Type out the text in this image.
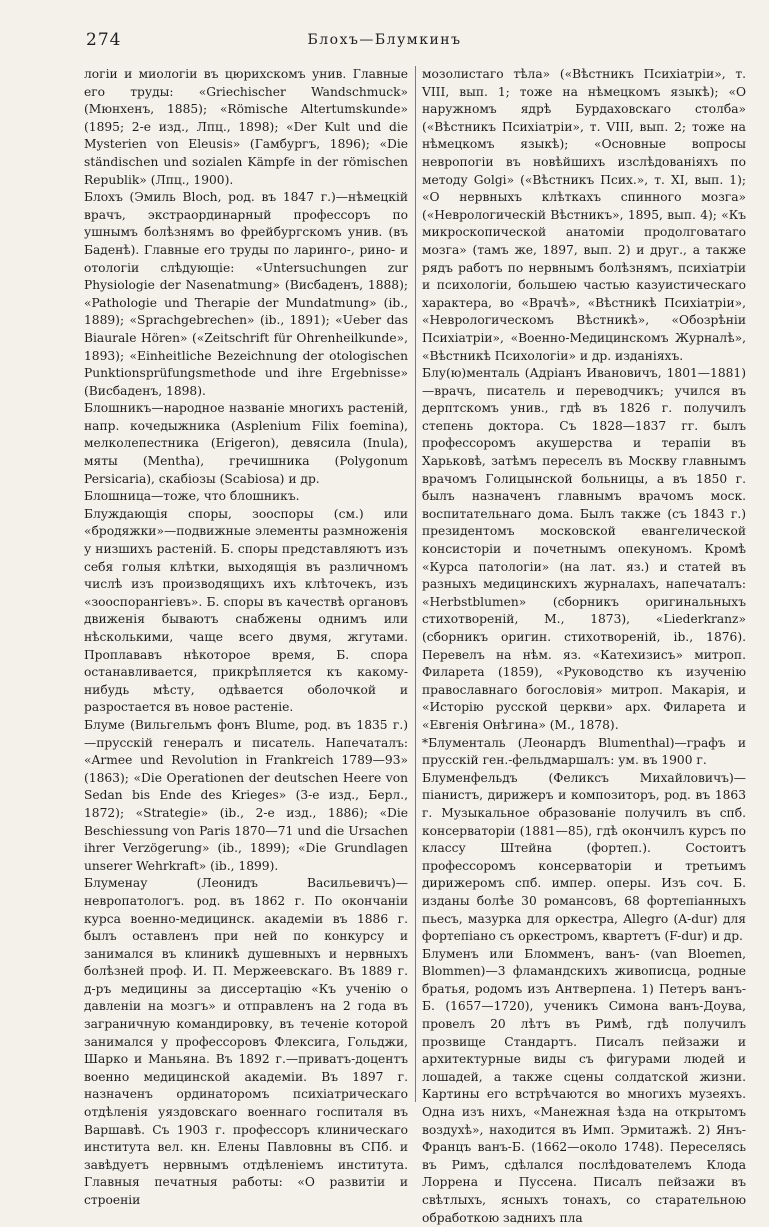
274	Блохъ—Блумкинъ
логіи и миологіи въ цюрихскомъ унив. Главные его труды: «Griechischer Wandschmuck» (Мюнхенъ, 1885); «Römische Altertumskunde» (1895; 2-е изд., Лпц., 1898); «Der Kult und die Mysterien von Eleusis» (Гамбургъ, 1896); «Die ständischen und sozialen Kämpfe in der römischen Republik» (Лпц., 1900).
Блохъ (Эмиль Bloch, род. въ 1847 г.)—нѣмецкій врачъ, экстраординарный профессоръ по ушнымъ болѣзнямъ во фрейбургскомъ унив. (въ Баденѣ). Главные его труды по ларинго-, рино- и отологіи слѣдующіе: «Untersuchungen zur Physiologie der Nasenatmung» (Висбаденъ, 1888); «Pathologie und Therapie der Mundatmung» (ib., 1889); «Sprachgebrechen» (ib., 1891); «Ueber das Biaurale Hören» («Zeitschrift für Ohrenheilkunde», 1893); «Einheitliche Bezeichnung der otologischen Punktionsprüfungsmethode und ihre Ergebnisse» (Висбаденъ, 1898).
Блошникъ—народное названіе многихъ растеній, напр. кочедыжника (Asplenium Filix foemina), мелколепестника (Erigeron), девясила (Inula), мяты (Mentha), гречишника (Polygonum Persicaria), скабіозы (Scabiosa) и др.
Блошница—тоже, что блошникъ.
Блуждающія споры, зооспоры (см.) или «бродяжки»—подвижные элементы размноженія у низшихъ растеній. Б. споры представляютъ изъ себя голыя клѣтки, выходящія въ различномъ числѣ изъ производящихъ ихъ клѣточекъ, изъ «зооспорангіевъ». Б. споры въ качествѣ органовъ движенія бываютъ снабжены однимъ или нѣсколькими, чаще всего двумя, жгутами. Проплававъ нѣкоторое время, Б. спора останавливается, прикрѣпляется къ какому-нибудь мѣсту, одѣвается оболочкой и разростается въ новое растеніе.
Блуме (Вильгельмъ фонъ Blume, род. въ 1835 г.)—прусскій генералъ и писатель. Напечаталъ: «Armee und Revolution in Frankreich 1789—93» (1863); «Die Operationen der deutschen Heere von Sedan bis Ende des Krieges» (3-е изд., Берл., 1872); «Strategie» (ib., 2-е изд., 1886); «Die Beschiessung von Paris 1870—71 und die Ursachen ihrer Verzögerung» (ib., 1899); «Die Grundlagen unserer Wehrkraft» (ib., 1899).
Блуменау (Леонидъ Васильевичъ)—невропатологъ. род. въ 1862 г. По окончаніи курса военно-медицинск. академіи въ 1886 г. былъ оставленъ при ней по конкурсу и занимался въ клиникѣ душевныхъ и нервныхъ болѣзней проф. И. П. Мержеевскаго. Въ 1889 г. д-ръ медицины за диссертацію «Къ ученію о давленіи на мозгъ» и отправленъ на 2 года въ заграничную командировку, въ теченіе которой занимался у профессоровъ Флексига, Гольджи, Шарко и Маньяна. Въ 1892 г.—приватъ-доцентъ военно медицинской академіи. Въ 1897 г. назначенъ ординаторомъ психіатрическаго отдѣленія уяздовскаго военнаго госпиталя въ Варшавѣ. Съ 1903 г. профессоръ клиническаго института вел. кн. Елены Павловны въ СПб. и завѣдуетъ нервнымъ отдѣленіемъ института. Главныя печатныя работы: «О развитіи и строеніи
мозолистаго тѣла» («Вѣстникъ Психіатріи», т. VIII, вып. 1; тоже на нѣмецкомъ языкѣ); «О наружномъ ядрѣ Бурдаховскаго столба» («Вѣстникъ Психіатріи», т. VIII, вып. 2; тоже на нѣмецкомъ языкѣ); «Основные вопросы невропогіи въ новѣйшихъ изслѣдованіяхъ по методу Golgi» («Вѣстникъ Псих.», т. XI, вып. 1); «О нервныхъ клѣткахъ спинного мозга» («Неврологическій Вѣстникъ», 1895, вып. 4); «Къ микроскопической анатоміи продолговатаго мозга» (тамъ же, 1897, вып. 2) и друг., а также рядъ работъ по нервнымъ болѣзнямъ, психіатріи и психологіи, большею частью казуистическаго характера, во «Врачѣ», «Вѣстникѣ Психіатріи», «Неврологическомъ Вѣстникѣ», «Обозрѣніи Психіатріи», «Военно-Медицинскомъ Журналѣ», «Вѣстникѣ Психологіи» и др. изданіяхъ.
Блу(ю)менталь (Адріанъ Ивановичъ, 1801—1881)—врачъ, писатель и переводчикъ; учился въ дерптскомъ унив., гдѣ въ 1826 г. получилъ степень доктора. Съ 1828—1837 гг. былъ профессоромъ акушерства и терапіи въ Харьковѣ, затѣмъ переселъ въ Москву главнымъ врачомъ Голицынской больницы, а въ 1850 г. былъ назначенъ главнымъ врачомъ моск. воспитательнаго дома. Былъ также (съ 1843 г.) президентомъ московской евангелической консисторіи и почетнымъ опекуномъ. Кромѣ «Курса патологіи» (на лат. яз.) и статей въ разныхъ медицинскихъ журналахъ, напечаталъ: «Herbstblumen» (сборникъ оригинальныхъ стихотвореній, М., 1873), «Liederkranz» (сборникъ оригин. стихотвореній, ib., 1876). Перевелъ на нѣм. яз. «Катехизисъ» митроп. Филарета (1859), «Руководство къ изученію православнаго богословія» митроп. Макарія, и «Исторію русской церкви» арх. Филарета и «Евгенія Онѣгина» (М., 1878).
*Блументаль (Леонардъ Blumenthal)—графъ и прусскій ген.-фельдмаршалъ: ум. въ 1900 г.
Блуменфельдъ (Феликсъ Михайловичъ)—піанистъ, дирижеръ и композиторъ, род. въ 1863 г. Музыкальное образованіе получилъ въ спб. консерваторіи (1881—85), гдѣ окончилъ курсъ по классу Штейна (фортеп.). Состоитъ профессоромъ консерваторіи и третьимъ дирижеромъ спб. импер. оперы. Изъ соч. Б. изданы болѣе 30 романсовъ, 68 фортепіанныхъ пьесъ, мазурка для оркестра, Allegro (A-dur) для фортепіано съ оркестромъ, квартетъ (F-dur) и др.
Блуменъ или Бломменъ, ванъ- (van Bloemen, Blommen)—3 фламандскихъ живописца, родные братья, родомъ изъ Антверпена. 1) Петеръ ванъ-Б. (1657—1720), ученикъ Симона ванъ-Доува, провелъ 20 лѣтъ въ Римѣ, гдѣ получилъ прозвище Стандартъ. Писалъ пейзажи и архитектурные виды съ фигурами людей и лошадей, а также сцены солдатской жизни. Картины его встрѣчаются во многихъ музеяхъ. Одна изъ нихъ, «Манежная ѣзда на открытомъ воздухѣ», находится въ Имп. Эрмитажѣ. 2) Янъ-Францъ ванъ-Б. (1662—около 1748). Переселясь въ Римъ, сдѣлался послѣдователемъ Клода Лоррена и Пуссена. Писалъ пейзажи въ свѣтлыхъ, ясныхъ тонахъ, со старательною обработкою заднихъ пла
